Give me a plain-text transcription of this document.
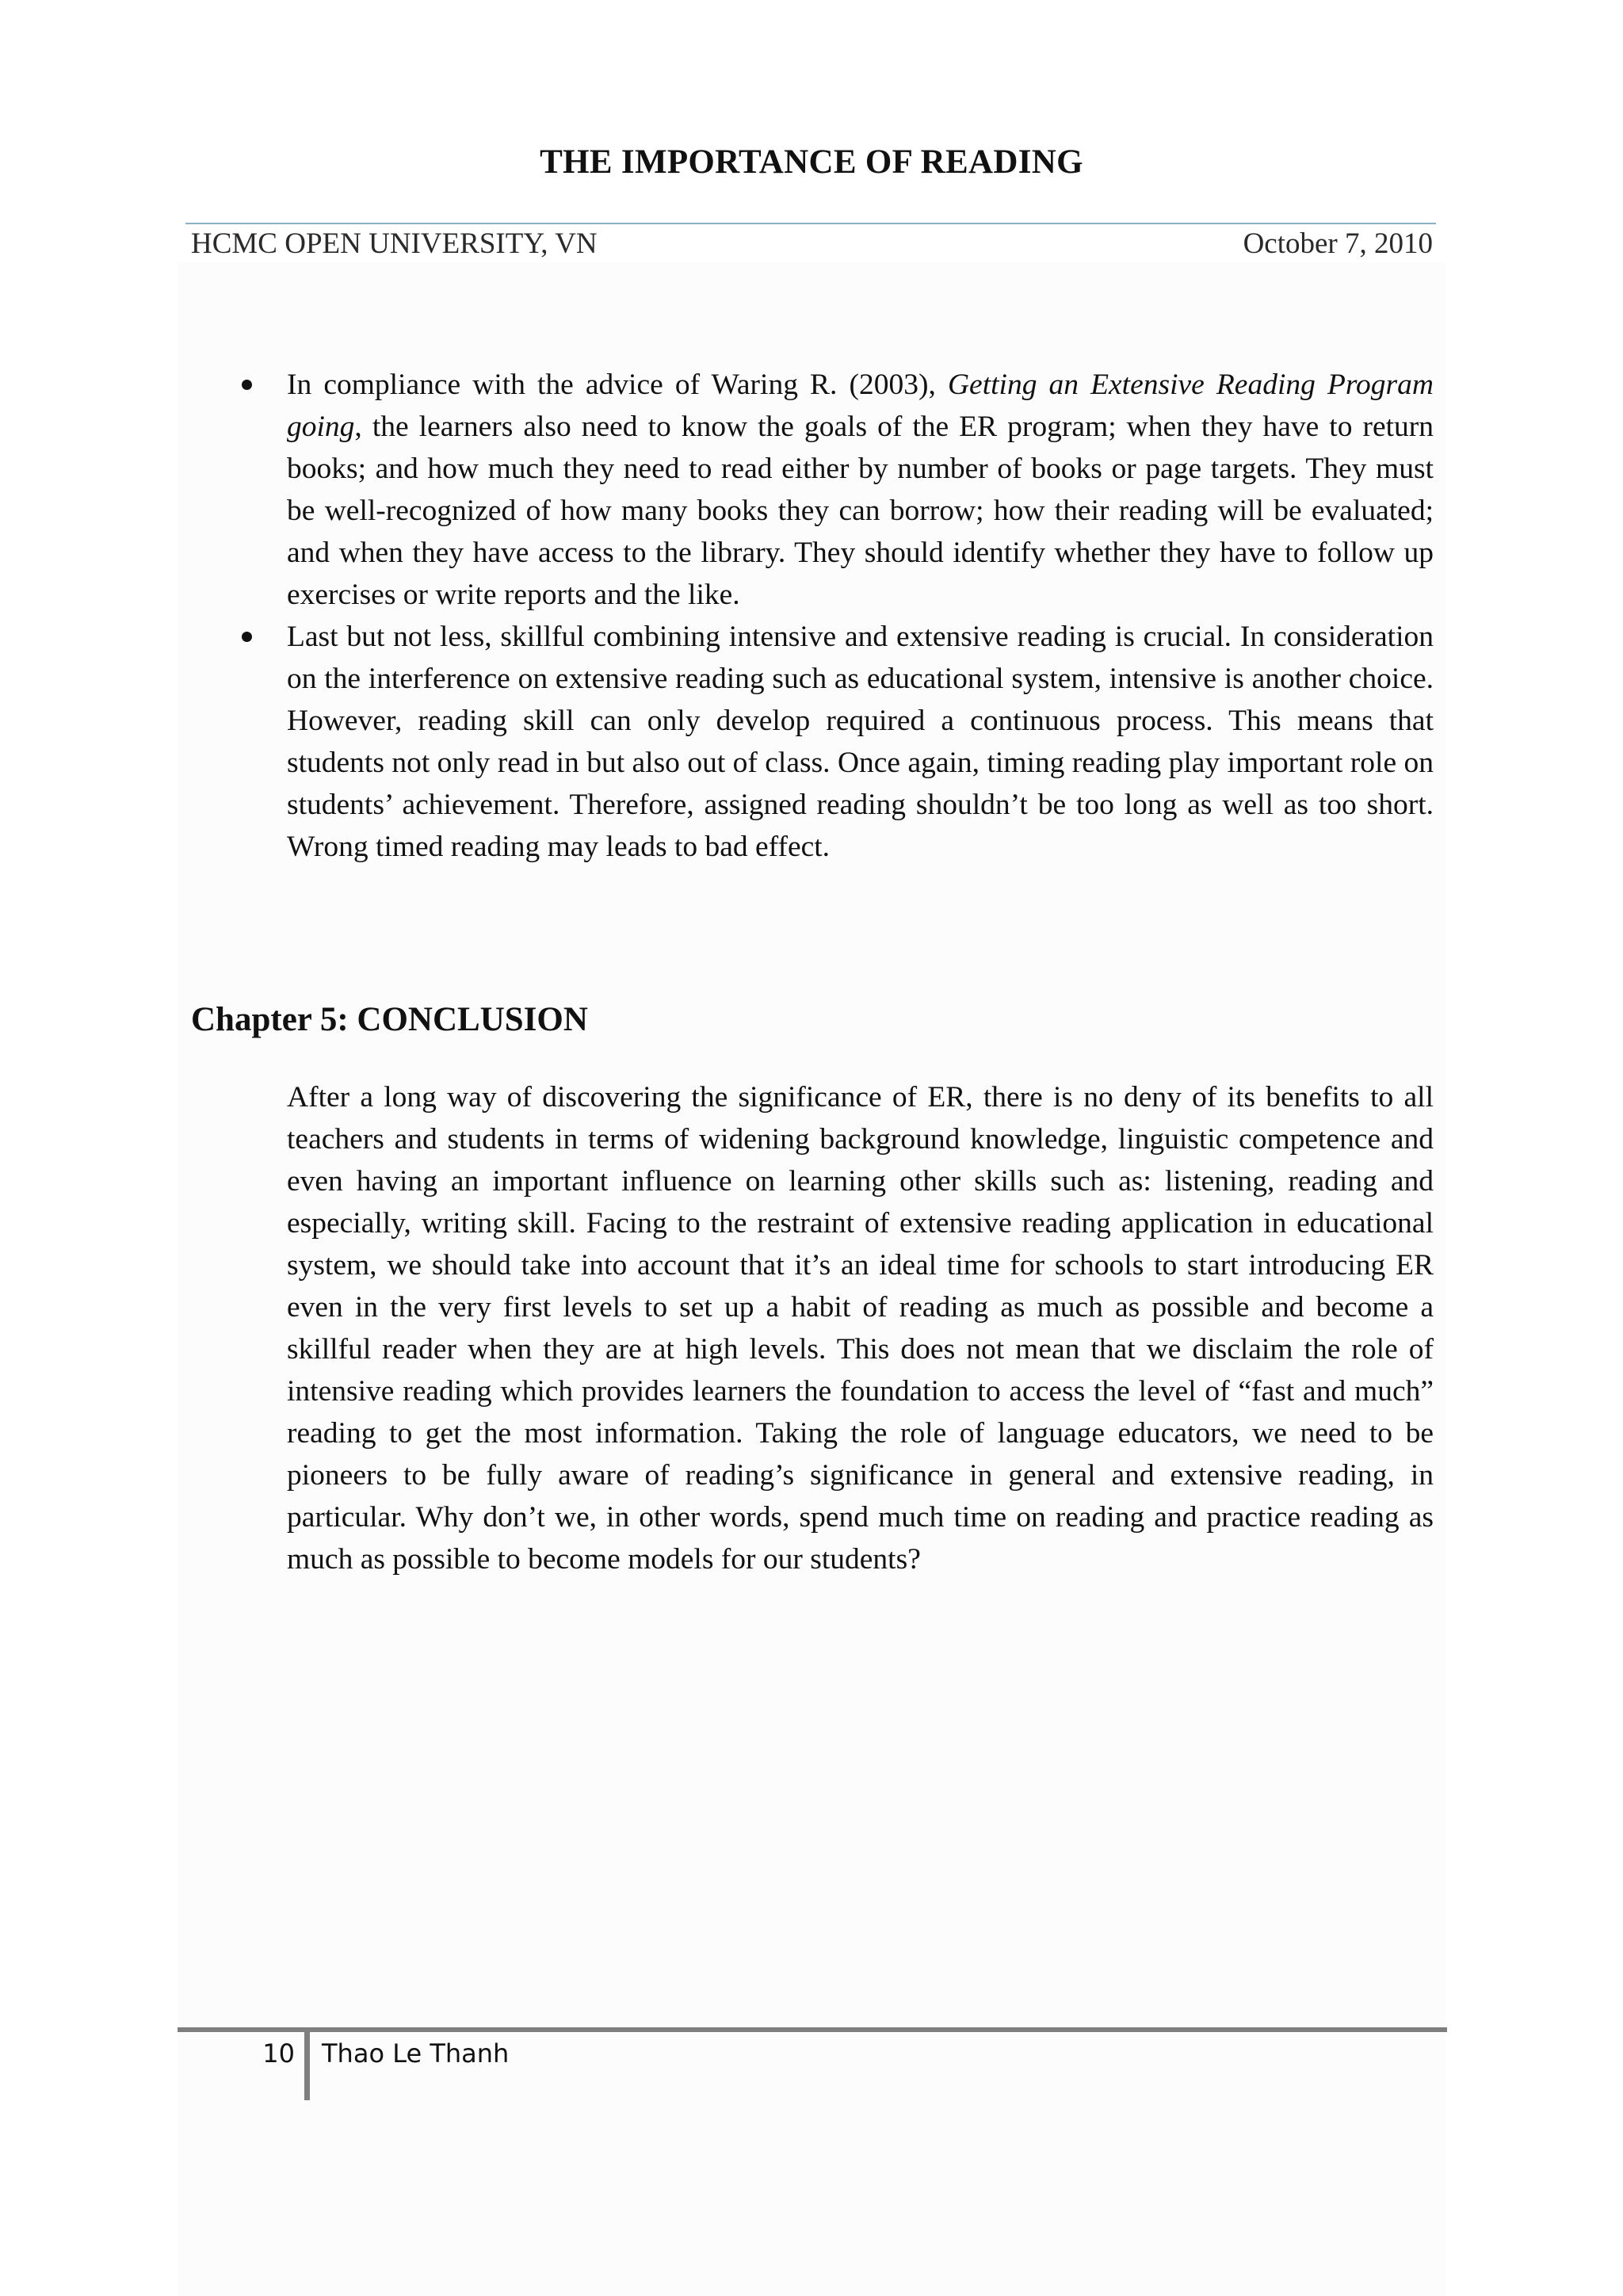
THE IMPORTANCE OF READING
HCMC OPEN UNIVERSITY, VN	October 7, 2010
In compliance with the advice of Waring R. (2003), Getting an Extensive Reading Program going, the learners also need to know the goals of the ER program; when they have to return books; and how much they need to read either by number of books or page targets. They must be well-recognized of how many books they can borrow; how their reading will be evaluated; and when they have access to the library. They should identify whether they have to follow up exercises or write reports and the like.
Last but not less, skillful combining intensive and extensive reading is crucial. In consideration on the interference on extensive reading such as educational system, intensive is another choice. However, reading skill can only develop required a continuous process. This means that students not only read in but also out of class. Once again, timing reading play important role on students’ achievement. Therefore, assigned reading shouldn’t be too long as well as too short. Wrong timed reading may leads to bad effect.
Chapter 5: CONCLUSION

After a long way of discovering the significance of ER, there is no deny of its benefits to all teachers and students in terms of widening background knowledge, linguistic competence and even having an important influence on learning other skills such as: listening, reading and especially, writing skill. Facing to the restraint of extensive reading application in educational system, we should take into account that it’s an ideal time for schools to start introducing ER even in the very first levels to set up a habit of reading as much as possible and become a skillful reader when they are at high levels. This does not mean that we disclaim the role of intensive reading which provides learners the foundation to access the level of “fast and much” reading to get the most information. Taking the role of language educators, we need to be pioneers to be fully aware of reading’s significance in general and extensive reading, in particular. Why don’t we, in other words, spend much time on reading and practice reading as much as possible to become models for our students?

10 Thao Le Thanh
